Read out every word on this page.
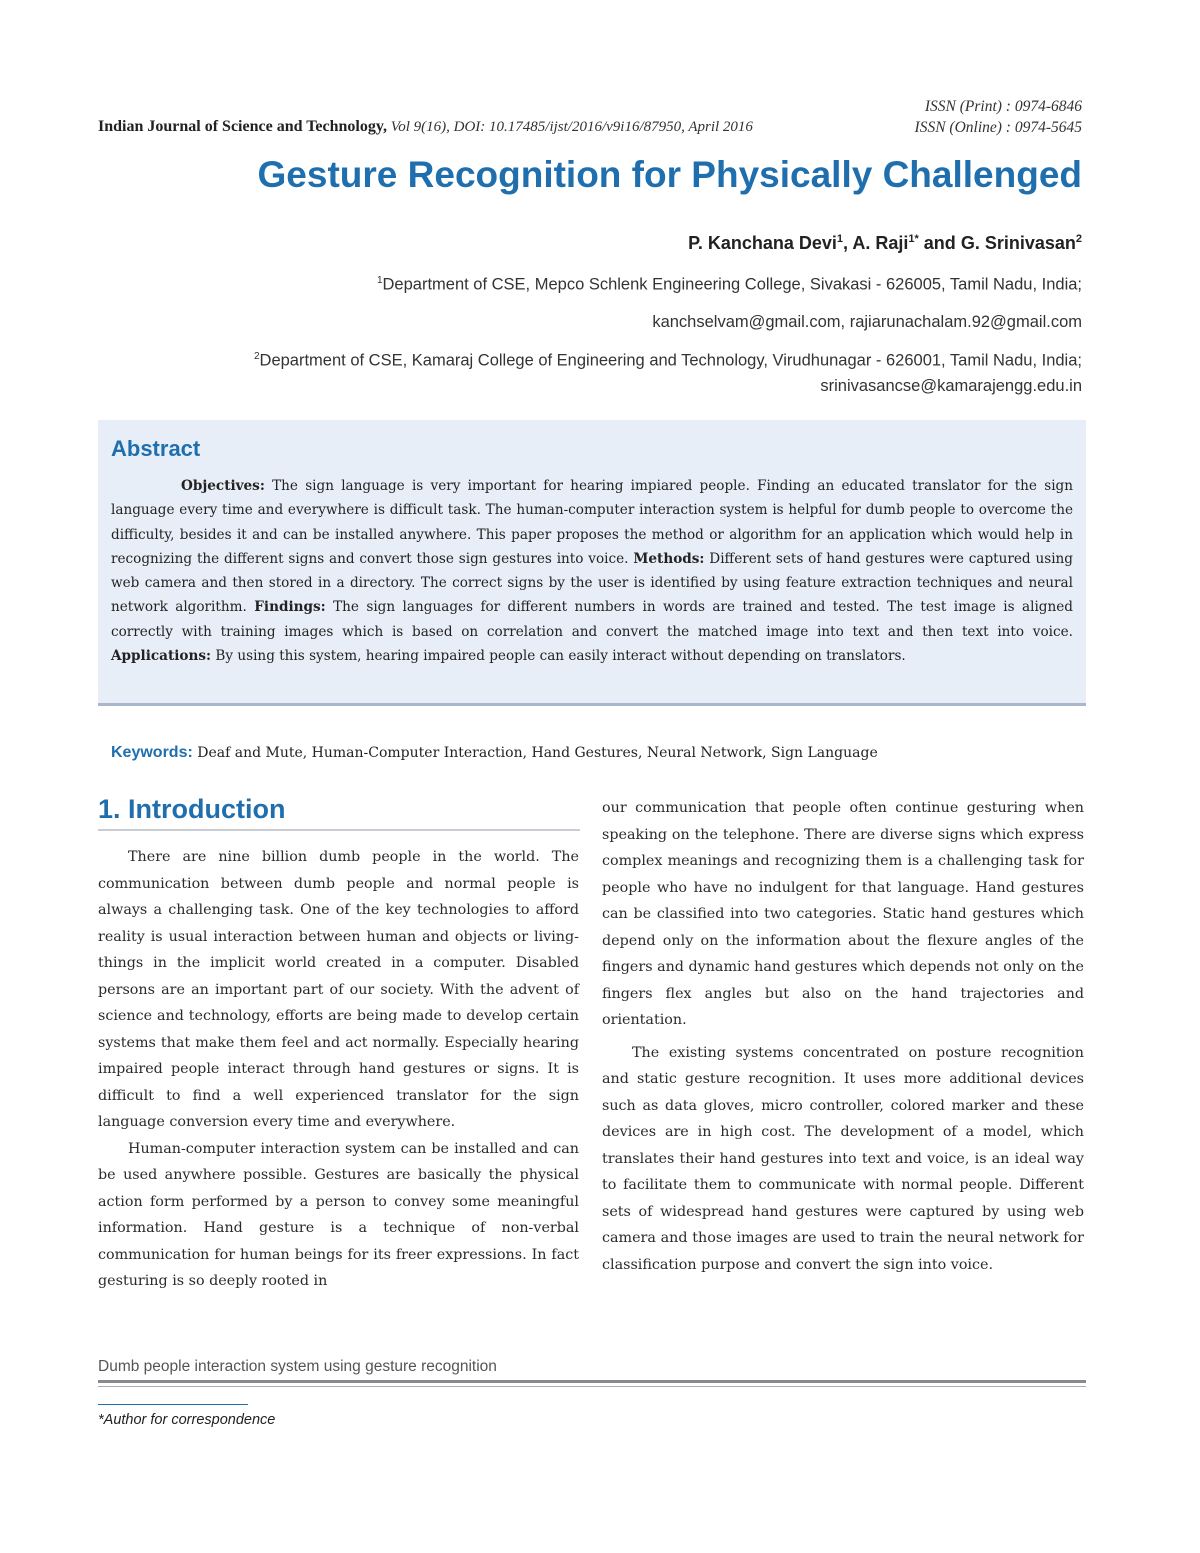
Indian Journal of Science and Technology, Vol 9(16), DOI: 10.17485/ijst/2016/v9i16/87950, April 2016
ISSN (Print) : 0974-6846
ISSN (Online) : 0974-5645
Gesture Recognition for Physically Challenged
P. Kanchana Devi$^1$, A. Raji$^{1*}$ and G. Srinivasan$^2$
$^1$Department of CSE, Mepco Schlenk Engineering College, Sivakasi - 626005, Tamil Nadu, India;
kanchselvam@gmail.com, rajiarunachalam.92@gmail.com
$^2$Department of CSE, Kamaraj College of Engineering and Technology, Virudhunagar - 626001, Tamil Nadu, India;
srinivasancse@kamarajengg.edu.in
Abstract
Objectives: The sign language is very important for hearing impiared people. Finding an educated translator for the sign language every time and everywhere is difficult task. The human-computer interaction system is helpful for dumb people to overcome the difficulty, besides it and can be installed anywhere. This paper proposes the method or algorithm for an application which would help in recognizing the different signs and convert those sign gestures into voice. Methods: Different sets of hand gestures were captured using web camera and then stored in a directory. The correct signs by the user is identified by using feature extraction techniques and neural network algorithm. Findings: The sign languages for different numbers in words are trained and tested. The test image is aligned correctly with training images which is based on correlation and convert the matched image into text and then text into voice. Applications: By using this system, hearing impaired people can easily interact without depending on translators.
Keywords: Deaf and Mute, Human-Computer Interaction, Hand Gestures, Neural Network, Sign Language
1. Introduction

There are nine billion dumb people in the world. The communication between dumb people and normal people is always a challenging task. One of the key technologies to afford reality is usual interaction between human and objects or living-things in the implicit world created in a computer. Disabled persons are an important part of our society. With the advent of science and technology, efforts are being made to develop certain systems that make them feel and act normally. Especially hearing impaired people interact through hand gestures or signs. It is difficult to find a well experienced translator for the sign language conversion every time and everywhere.

Human-computer interaction system can be installed and can be used anywhere possible. Gestures are basically the physical action form performed by a person to convey some meaningful information. Hand gesture is a technique of non-verbal communication for human beings for its freer expressions. In fact gesturing is so deeply rooted in

our communication that people often continue gesturing when speaking on the telephone. There are diverse signs which express complex meanings and recognizing them is a challenging task for people who have no indulgent for that language. Hand gestures can be classified into two categories. Static hand gestures which depend only on the information about the flexure angles of the fingers and dynamic hand gestures which depends not only on the fingers flex angles but also on the hand trajectories and orientation.

The existing systems concentrated on posture recognition and static gesture recognition. It uses more additional devices such as data gloves, micro controller, colored marker and these devices are in high cost. The development of a model, which translates their hand gestures into text and voice, is an ideal way to facilitate them to communicate with normal people. Different sets of widespread hand gestures were captured by using web camera and those images are used to train the neural network for classification purpose and convert the sign into voice.

Dumb people interaction system using gesture recognition
*Author for correspondence
